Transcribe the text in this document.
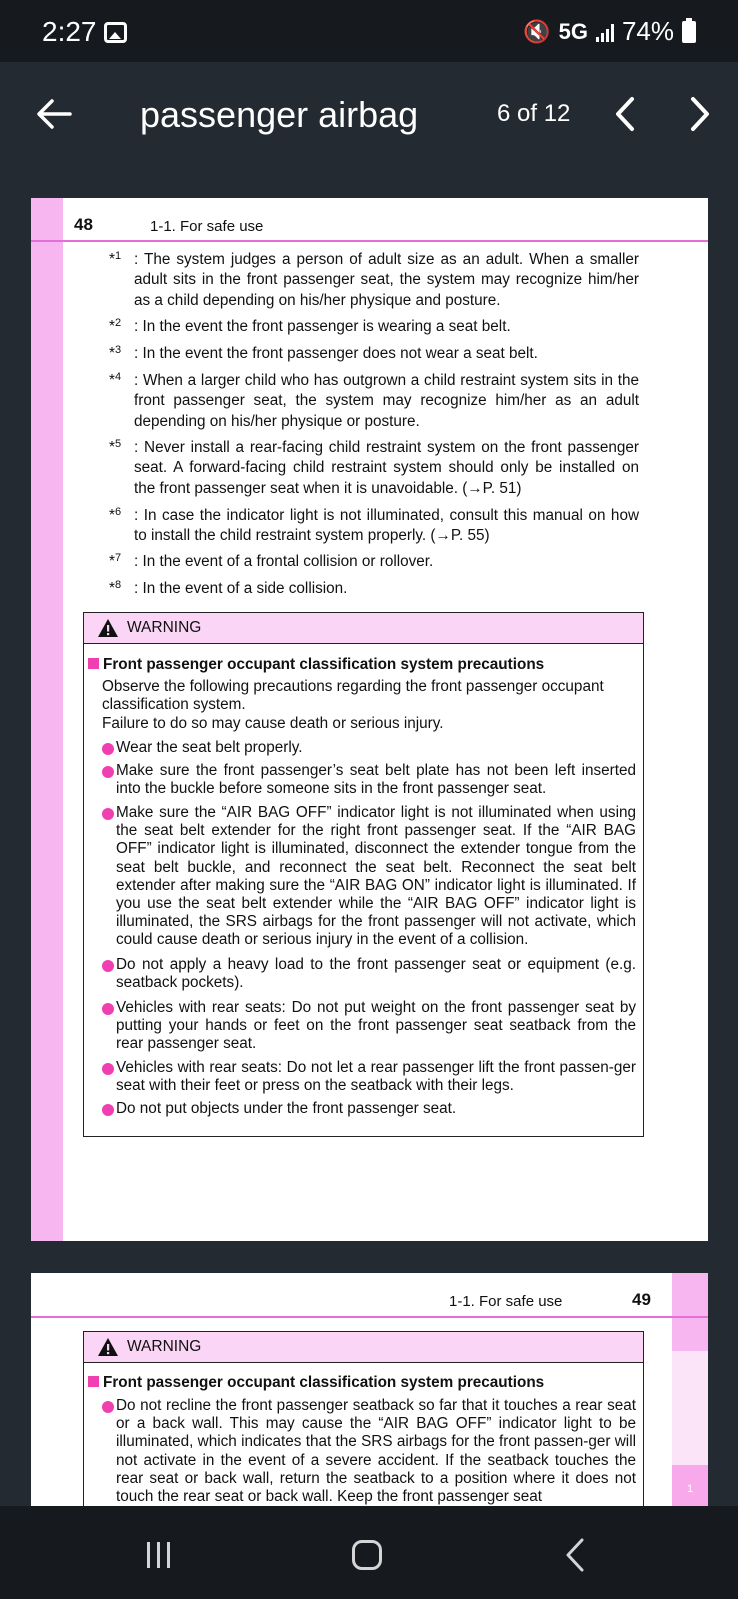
2:27	🔇 5G 74%
passenger airbag	6 of 12
48	1-1. For safe use
*$^1$ : The system judges a person of adult size as an adult. When a smaller adult sits in the front passenger seat, the system may recognize him/her as a child depending on his/her physique and posture.
*$^2$ : In the event the front passenger is wearing a seat belt.
*$^3$ : In the event the front passenger does not wear a seat belt.
*$^4$ : When a larger child who has outgrown a child restraint system sits in the front passenger seat, the system may recognize him/her as an adult depending on his/her physique or posture.
*$^5$ : Never install a rear-facing child restraint system on the front passenger seat. A forward-facing child restraint system should only be installed on the front passenger seat when it is unavoidable. (→P. 51)
*$^6$ : In case the indicator light is not illuminated, consult this manual on how to install the child restraint system properly. (→P. 55)
*$^7$ : In the event of a frontal collision or rollover.
*$^8$ : In the event of a side collision.
WARNING
Front passenger occupant classification system precautions
Observe the following precautions regarding the front passenger occupant classification system.
Failure to do so may cause death or serious injury.
Wear the seat belt properly.
Make sure the front passenger’s seat belt plate has not been left inserted into the buckle before someone sits in the front passenger seat.
Make sure the “AIR BAG OFF” indicator light is not illuminated when using the seat belt extender for the right front passenger seat. If the “AIR BAG OFF” indicator light is illuminated, disconnect the extender tongue from the seat belt buckle, and reconnect the seat belt. Reconnect the seat belt extender after making sure the “AIR BAG ON” indicator light is illuminated. If you use the seat belt extender while the “AIR BAG OFF” indicator light is illuminated, the SRS airbags for the front passenger will not activate, which could cause death or serious injury in the event of a collision.
Do not apply a heavy load to the front passenger seat or equipment (e.g. seatback pockets).
Vehicles with rear seats: Do not put weight on the front passenger seat by putting your hands or feet on the front passenger seat seatback from the rear passenger seat.
Vehicles with rear seats: Do not let a rear passenger lift the front passen-ger seat with their feet or press on the seatback with their legs.
Do not put objects under the front passenger seat.
1
1-1. For safe use	49
WARNING
Front passenger occupant classification system precautions
Do not recline the front passenger seatback so far that it touches a rear seat or a back wall. This may cause the “AIR BAG OFF” indicator light to be illuminated, which indicates that the SRS airbags for the front passen-ger will not activate in the event of a severe accident. If the seatback touches the rear seat or back wall, return the seatback to a position where it does not touch the rear seat or back wall. Keep the front passenger seat
